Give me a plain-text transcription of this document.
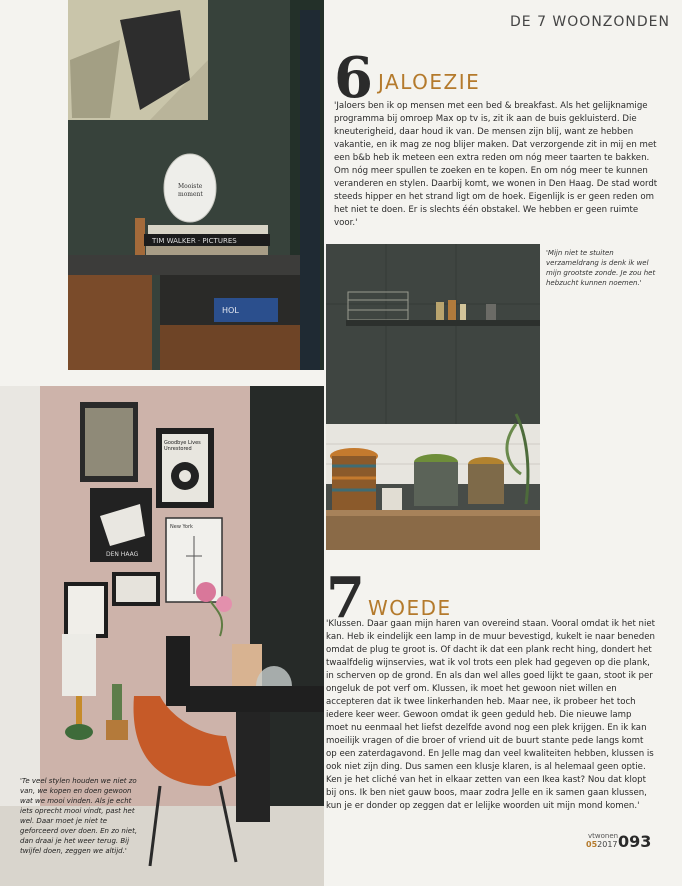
Mooiste
moment
TIM WALKER · PICTURES
HOL
DE 7 WOONZONDEN
6 JALOEZIE

'Jaloers ben ik op mensen met een bed & breakfast. Als het gelijknamige programma bij omroep Max op tv is, zit ik aan de buis gekluisterd. Die kneuterigheid, daar houd ik van. De mensen zijn blij, want ze hebben vakantie, en ik mag ze nog blijer maken. Dat verzorgende zit in mij en met een b&b heb ik meteen een extra reden om nóg meer taarten te bakken. Om nóg meer spullen te zoeken en te kopen. En om nóg meer te kunnen veranderen en stylen. Daarbij komt, we wonen in Den Haag. De stad wordt steeds hipper en het strand ligt om de hoek. Eigenlijk is er geen reden om het niet te doen. Er is slechts één obstakel. We hebben er geen ruimte voor.'

'Mijn niet te stuiten verzameldrang is denk ik wel mijn grootste zonde. Je zou het hebzucht kunnen noemen.'

Goodbye Lives
Unrestored
DEN HAAG
New York
7 WOEDE

'Klussen. Daar gaan mijn haren van overeind staan. Vooral omdat ik het niet kan. Heb ik eindelijk een lamp in de muur bevestigd, kukelt ie naar beneden omdat de plug te groot is. Of dacht ik dat een plank recht hing, dondert het twaalfdelig wijnservies, wat ik vol trots een plek had gegeven op die plank, in scherven op de grond. En als dan wel alles goed lijkt te gaan, stoot ik per ongeluk de pot verf om. Klussen, ik moet het gewoon niet willen en accepteren dat ik twee linkerhanden heb. Maar nee, ik probeer het toch iedere keer weer. Gewoon omdat ik geen geduld heb. Die nieuwe lamp moet nu eenmaal het liefst dezelfde avond nog een plek krijgen. En ik kan moeilijk vragen of die broer of vriend uit de buurt stante pede langs komt op een zaterdagavond. En Jelle mag dan veel kwaliteiten hebben, klussen is ook niet zijn ding. Dus samen een klusje klaren, is al helemaal geen optie. Ken je het cliché van het in elkaar zetten van een Ikea kast? Nou dat klopt bij ons. Ik ben niet gauw boos, maar zodra Jelle en ik samen gaan klussen, kun je er donder op zeggen dat er lelijke woorden uit mijn mond komen.'

'Te veel stylen houden we niet zo van, we kopen en doen gewoon wat we mooi vinden. Als je echt iets oprecht mooi vindt, past het wel. Daar moet je niet te geforceerd over doen. En zo niet, dan draai je het weer terug. Bij twijfel doen, zeggen we altijd.'

vtwonen
052017 093
